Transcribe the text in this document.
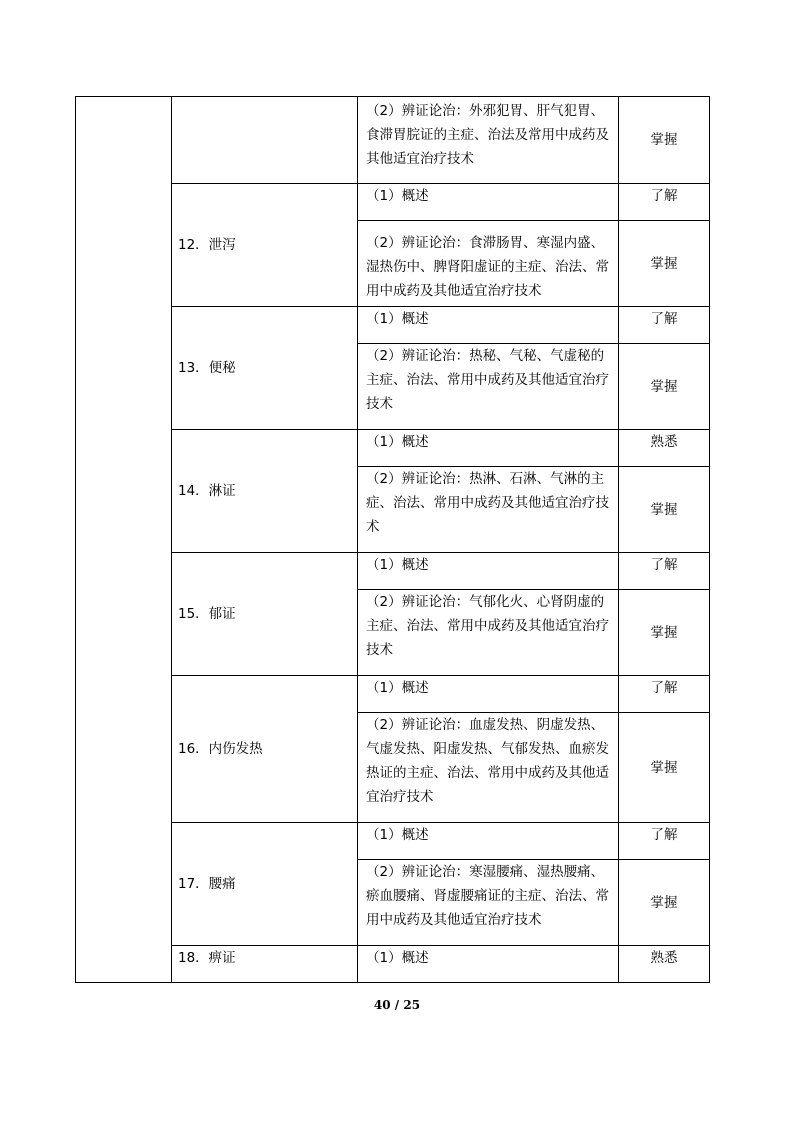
		（2）辨证论治：外邪犯胃、肝气犯胃、食滞胃脘证的主症、治法及常用中成药及其他适宜治疗技术	掌握
	12．泄泻	（1）概述	了解
		（2）辨证论治：食滞肠胃、寒湿内盛、湿热伤中、脾肾阳虚证的主症、治法、常用中成药及其他适宜治疗技术	掌握
	13．便秘	（1）概述	了解
		（2）辨证论治：热秘、气秘、气虚秘的主症、治法、常用中成药及其他适宜治疗技术	掌握
	14．淋证	（1）概述	熟悉
		（2）辨证论治：热淋、石淋、气淋的主症、治法、常用中成药及其他适宜治疗技术	掌握
	15．郁证	（1）概述	了解
		（2）辨证论治：气郁化火、心肾阴虚的主症、治法、常用中成药及其他适宜治疗技术	掌握
	16．内伤发热	（1）概述	了解
		（2）辨证论治：血虚发热、阴虚发热、气虚发热、阳虚发热、气郁发热、血瘀发热证的主症、治法、常用中成药及其他适宜治疗技术	掌握
	17．腰痛	（1）概述	了解
		（2）辨证论治：寒湿腰痛、湿热腰痛、瘀血腰痛、肾虚腰痛证的主症、治法、常用中成药及其他适宜治疗技术	掌握
	18．痹证	（1）概述	熟悉
40 / 25
